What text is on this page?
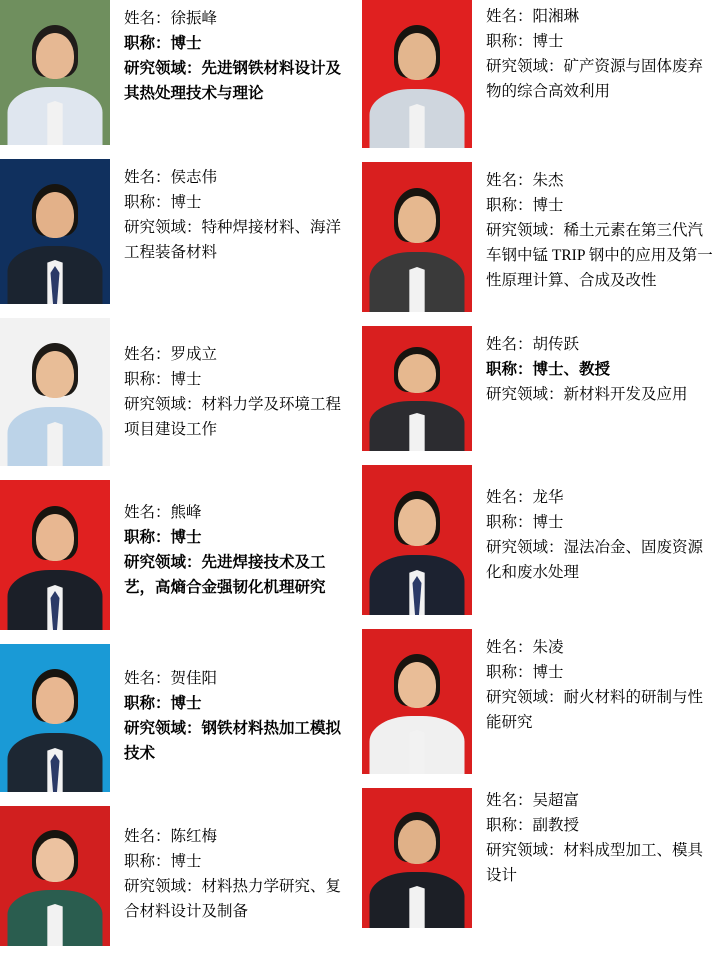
姓名：徐振峰
职称：博士
研究领域：先进钢铁材料设计及其热处理技术与理论
姓名：侯志伟
职称：博士
研究领域：特种焊接材料、海洋工程装备材料
姓名：罗成立
职称：博士
研究领域：材料力学及环境工程项目建设工作
姓名：熊峰
职称：博士
研究领域：先进焊接技术及工艺，高熵合金强韧化机理研究
姓名：贺佳阳
职称：博士
研究领域：钢铁材料热加工模拟技术
姓名：陈红梅
职称：博士
研究领域：材料热力学研究、复合材料设计及制备
姓名：阳湘琳
职称：博士
研究领域：矿产资源与固体废弃物的综合高效利用
姓名：朱杰
职称：博士
研究领域：稀土元素在第三代汽车钢中锰 TRIP 钢中的应用及第一性原理计算、合成及改性
姓名：胡传跃
职称：博士、教授
研究领域：新材料开发及应用
姓名：龙华
职称：博士
研究领域：湿法冶金、固废资源化和废水处理
姓名：朱凌
职称：博士
研究领域：耐火材料的研制与性能研究
姓名：吴超富
职称：副教授
研究领域：材料成型加工、模具设计
